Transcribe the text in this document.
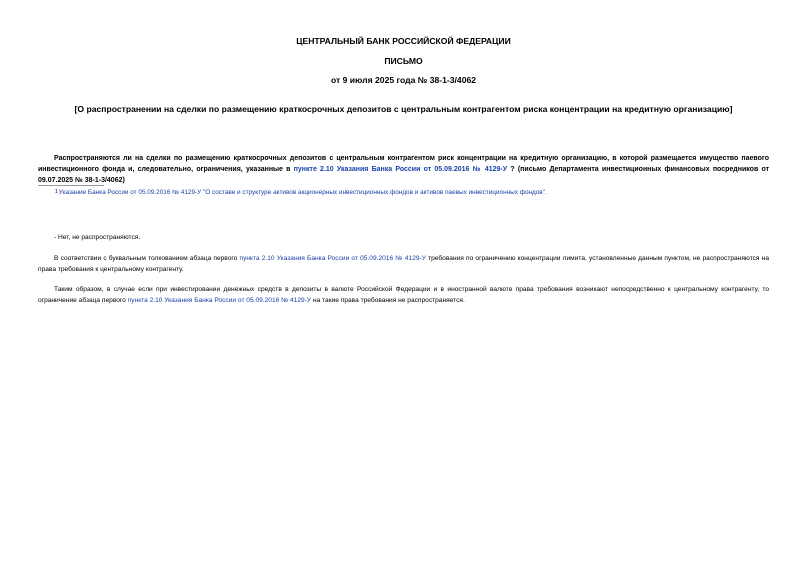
ЦЕНТРАЛЬНЫЙ БАНК РОССИЙСКОЙ ФЕДЕРАЦИИ
ПИСЬМО
от 9 июля 2025 года № 38-1-3/4062
[О распространении на сделки по размещению краткосрочных депозитов с центральным контрагентом риска концентрации на кредитную организацию]
Распространяются ли на сделки по размещению краткосрочных депозитов с центральным контрагентом риск концентрации на кредитную организацию, в которой размещается имущество паевого инвестиционного фонда и, следовательно, ограничения, указанные в пункте 2.10 Указания Банка России от 05.09.2016 № 4129-У ? (письмо Департамента инвестиционных финансовых посредников от 09.07.2025 № 38-1-3/4062)
$^1$Указание Банка России от 05.09.2016 № 4129-У "О составе и структуре активов акционерных инвестиционных фондов и активов паевых инвестиционных фондов".
- Нет, не распространяются.
В соответствии с буквальным толкованием абзаца первого пункта 2.10 Указания Банка России от 05.09.2016 № 4129-У требования по ограничению концентрации лимита, установленные данным пунктом, не распространяются на права требования к центральному контрагенту.
Таким образом, в случае если при инвестировании денежных средств в депозиты в валюте Российской Федерации и в иностранной валюте права требования возникают непосредственно к центральному контрагенту, то ограничение абзаца первого пункта 2.10 Указания Банка России от 05.09.2016 № 4129-У на такие права требования не распространяется.
